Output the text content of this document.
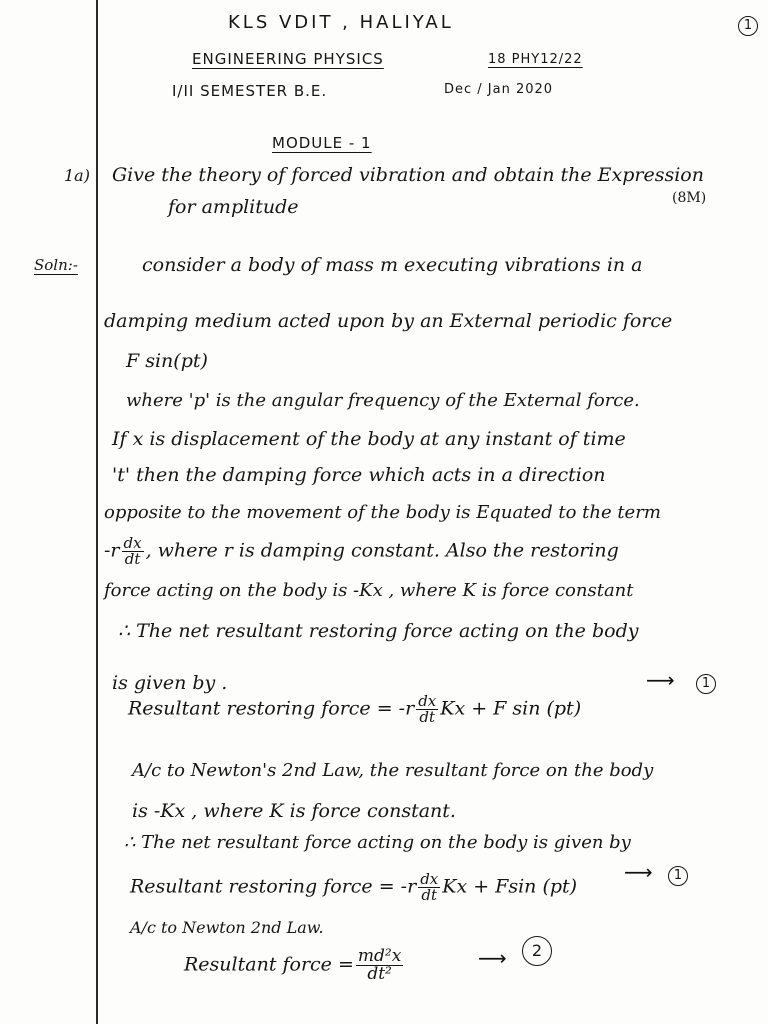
KLS VDIT , HALIYAL	1
ENGINEERING PHYSICS	18 PHY12/22
I/II SEMESTER B.E.	Dec / Jan 2020
MODULE - 1
1a) Give the theory of forced vibration and obtain the Expression
for amplitude	(8M)
Soln:-	consider a body of mass m executing vibrations in a
damping medium acted upon by an External periodic force
F sin(pt)
where 'p' is the angular frequency of the External force.
If x is displacement of the body at any instant of time
't' then the damping force which acts in a direction
opposite to the movement of the body is Equated to the term
$-r \frac{dx}{dt}$ , where r is damping constant. Also the restoring
force acting on the body is -Kx , where K is force constant
∴ The net resultant restoring force acting on the body
is given by .
Resultant restoring force = $-r \frac{dx}{dt}$ Kx + F sin (pt)
⟶	1
A/c to Newton's 2nd Law, the resultant force on the body
is -Kx , where K is force constant.
∴ The net resultant force acting on the body is given by
Resultant restoring force = $-r \frac{dx}{dt}$ Kx + Fsin (pt)
⟶	1
A/c to Newton 2nd Law.
Resultant force = $\frac{\text{md²x}}{\text{dt²}}$	⟶	2
